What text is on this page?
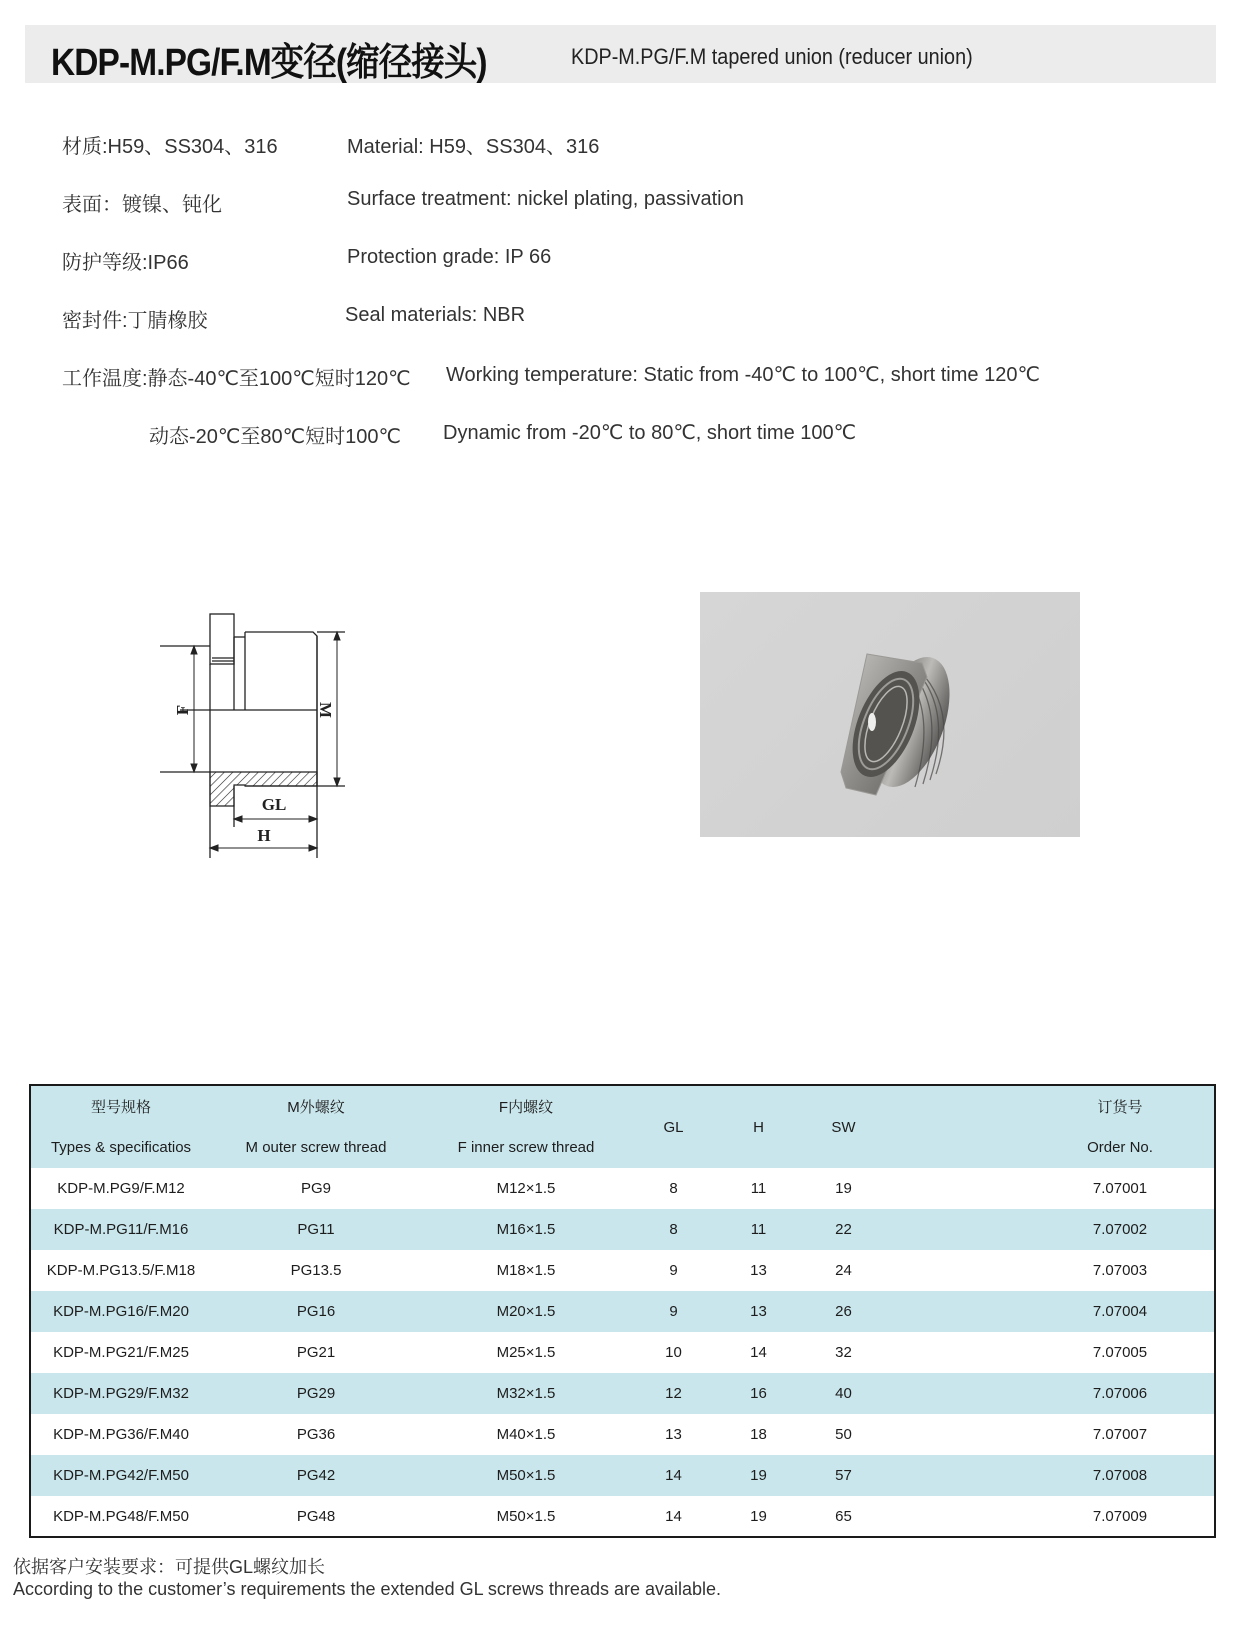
KDP-M.PG/F.M变径(缩径接头)	KDP-M.PG/F.M tapered union (reducer union)
材质:H59、SS304、316	Material: H59、SS304、316
表面：镀镍、钝化	Surface treatment: nickel plating, passivation
防护等级:IP66	Protection grade: IP 66
密封件:丁腈橡胶	Seal materials: NBR
工作温度:静态-40℃至100℃短时120℃ Working temperature: Static from -40℃ to 100℃, short time 120℃
动态-20℃至80℃短时100℃ Dynamic from -20℃ to 80℃, short time 100℃
F	M
GL
H
型号规格	M外螺纹	F内螺纹	GL	H	SW	订货号
Types & specificatios	M outer screw thread	F inner screw thread				Order No.
KDP-M.PG9/F.M12	PG9	M12×1.5	8	11	19	7.07001
KDP-M.PG11/F.M16	PG11	M16×1.5	8	11	22	7.07002
KDP-M.PG13.5/F.M18	PG13.5	M18×1.5	9	13	24	7.07003
KDP-M.PG16/F.M20	PG16	M20×1.5	9	13	26	7.07004
KDP-M.PG21/F.M25	PG21	M25×1.5	10	14	32	7.07005
KDP-M.PG29/F.M32	PG29	M32×1.5	12	16	40	7.07006
KDP-M.PG36/F.M40	PG36	M40×1.5	13	18	50	7.07007
KDP-M.PG42/F.M50	PG42	M50×1.5	14	19	57	7.07008
KDP-M.PG48/F.M50	PG48	M50×1.5	14	19	65	7.07009
依据客户安装要求：可提供GL螺纹加长
According to the customer’s requirements the extended GL screws threads are available.
